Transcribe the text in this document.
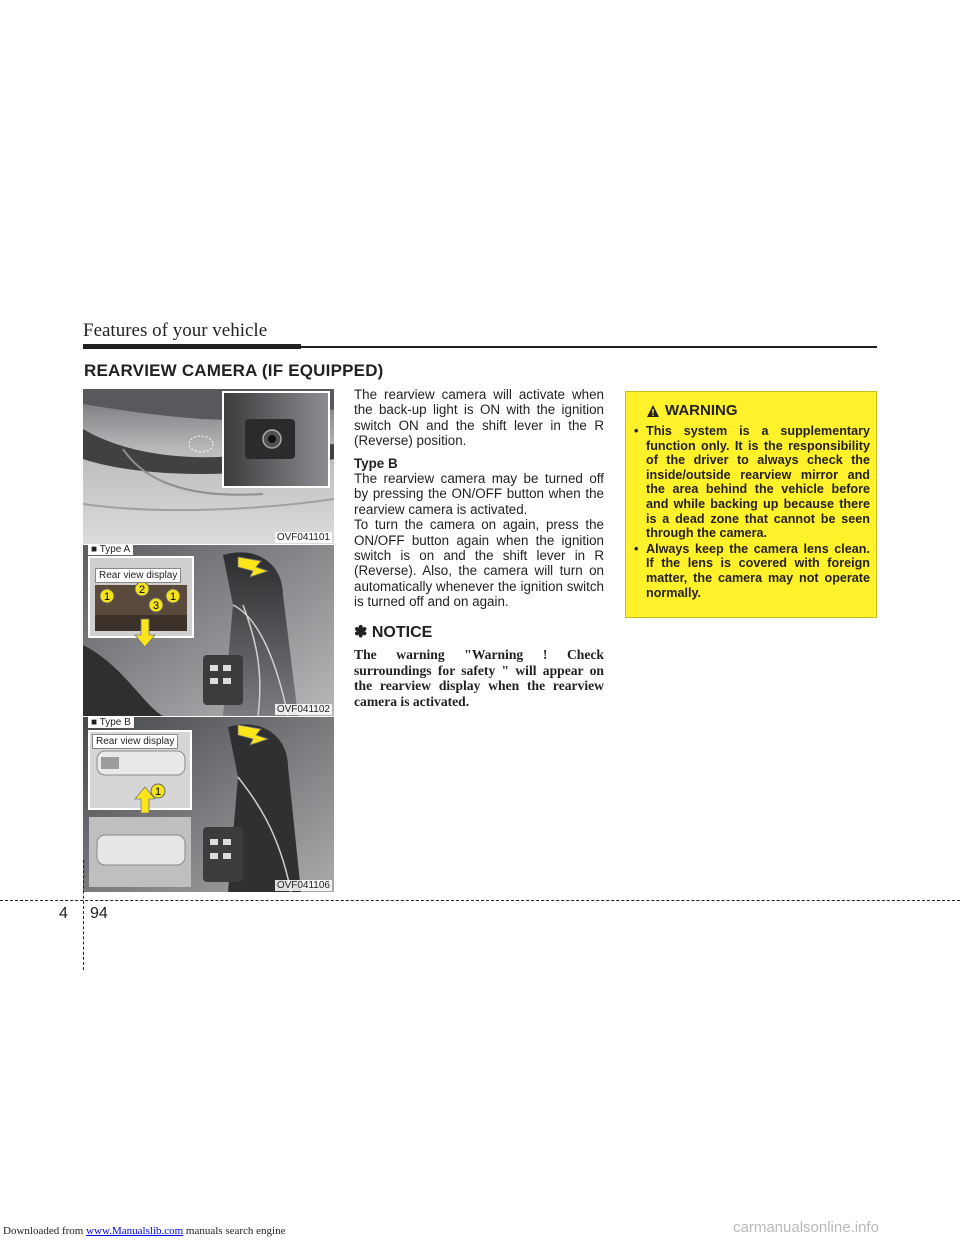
Features of your vehicle
REARVIEW CAMERA (IF EQUIPPED)
OVF041101
1
2
1
3
■ Type A
Rear view display
OVF041102
1
■ Type B
Rear view display
OVF041106

The rearview camera will activate when the back-up light is ON with the ignition switch ON and the shift lever in the R (Reverse) position.

Type B

The rearview camera may be turned off by pressing the ON/OFF button when the rearview camera is activated.

To turn the camera on again, press the ON/OFF button again when the ignition switch is on and the shift lever in R (Reverse). Also, the camera will turn on automatically whenever the ignition switch is turned off and on again.

✽ NOTICE
The warning "Warning ! Check surroundings for safety " will appear on the rearview display when the rearview camera is activated.
WARNING
• This system is a supplementary function only. It is the responsibility of the driver to always check the inside/outside rearview mirror and the area behind the vehicle before and while backing up because there is a dead zone that cannot be seen through the camera.
• Always keep the camera lens clean. If the lens is covered with foreign matter, the camera may not operate normally.
4 94
Downloaded from www.Manualslib.com manuals search engine	carmanualsonline.info
